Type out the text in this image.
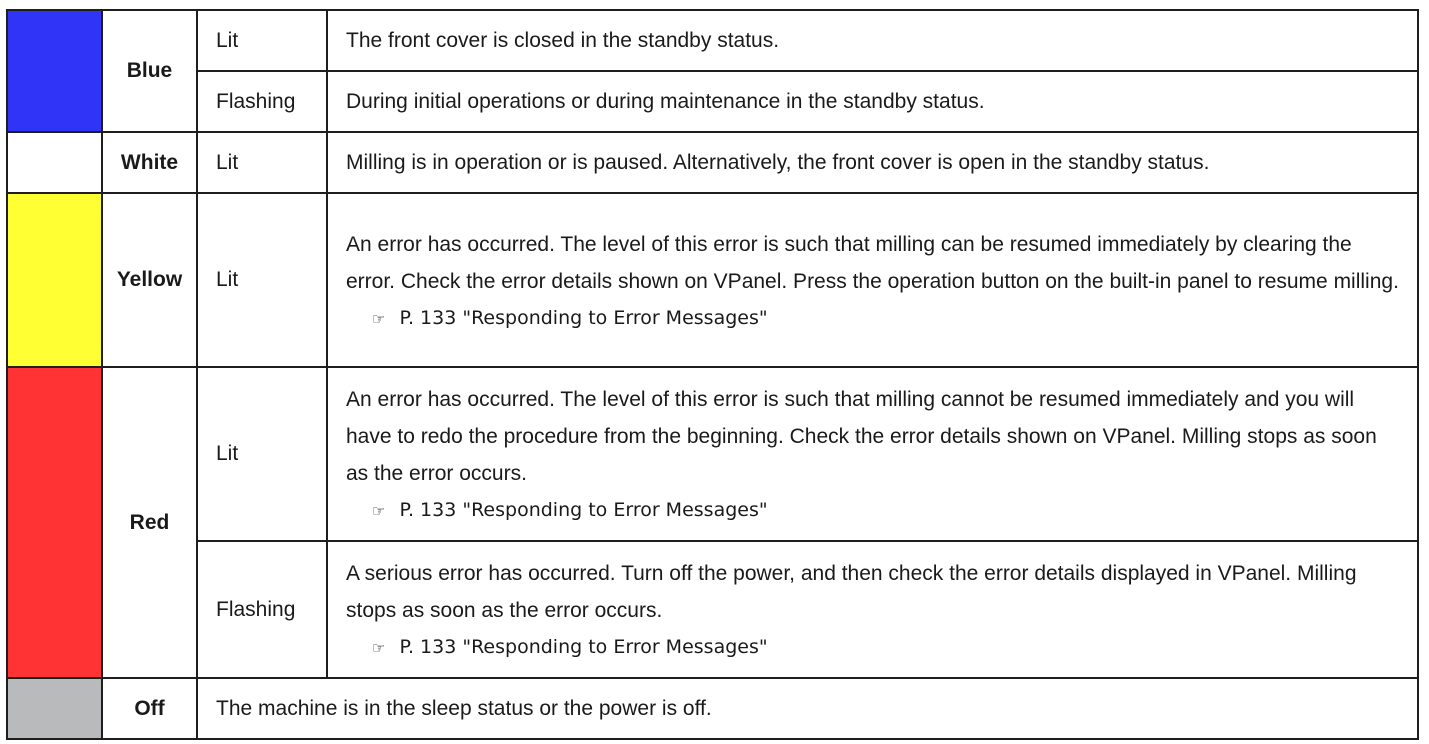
	Blue	Lit	The front cover is closed in the standby status.
		Flashing	During initial operations or during maintenance in the standby status.
	White	Lit	Milling is in operation or is paused. Alternatively, the front cover is open in the standby status.
	Yellow	Lit	An error has occurred. The level of this error is such that milling can be resumed immediately by clearing the error. Check the error details shown on VPanel. Press the operation button on the built-in panel to resume milling.
☞ P. 133 "Responding to Error Messages"

	Red	Lit	An error has occurred. The level of this error is such that milling cannot be resumed immediately and you will have to redo the procedure from the beginning. Check the error details shown on VPanel. Milling stops as soon as the error occurs.
☞ P. 133 "Responding to Error Messages"

		Flashing	A serious error has occurred. Turn off the power, and then check the error details displayed in VPanel. Milling stops as soon as the error occurs.
☞ P. 133 "Responding to Error Messages"

	Off	The machine is in the sleep status or the power is off.	
